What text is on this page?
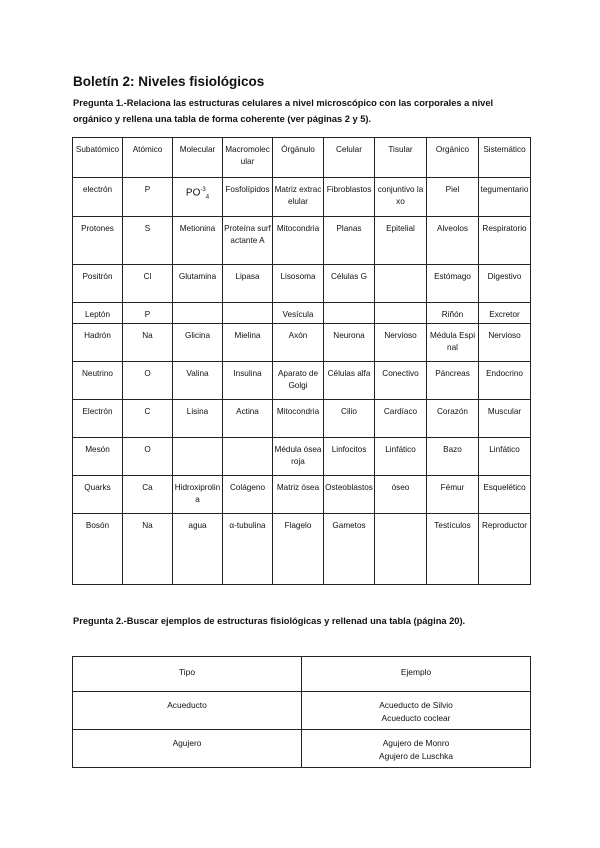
Boletín 2: Niveles fisiológicos

Pregunta 1.-Relaciona las estructuras celulares a nivel microscópico con las corporales a nivel orgánico y rellena una tabla de forma coherente (ver páginas 2 y 5).

Subatómico	Atómico	Molecular	Macromolecular	Órgánulo	Celular	Tisular	Orgánico	Sistemático
electrón	P	$PO^{-3}_4$	Fosfolípidos	Matriz extracelular	Fibroblastos	conjuntivo laxo	Piel	tegumentario
Protones	S	Metionina	Proteína surfactante A	Mitocondria	Planas	Epitelial	Alveolos	Respiratorio
Positrón	Cl	Glutamina	Lipasa	Lisosoma	Células G		Estómago	Digestivo
Leptón	P			Vesícula			Riñón	Excretor
Hadrón	Na	Glicina	Mielina	Axón	Neurona	Nervioso	Médula Espinal	Nervioso
Neutrino	O	Valina	Insulina	Aparato de Golgi	Células alfa	Conectivo	Páncreas	Endocrino
Electrón	C	Lisina	Actina	Mitocondria	Cilio	Cardíaco	Corazón	Muscular
Mesón	O			Médula ósea roja	Linfocitos	Linfático	Bazo	Linfático
Quarks	Ca	Hidroxiprolina	Colágeno	Matriz ósea	Osteoblastos	óseo	Fémur	Esquelético
Bosón	Na	agua	α-tubulina	Flagelo	Gametos		Testículos	Reproductor

Pregunta 2.-Buscar ejemplos de estructuras fisiológicas y rellenad una tabla (página 20).

Tipo	Ejemplo
Acueducto	Acueducto de Silvio
Acueducto coclear

Agujero	Agujero de Monro
Agujero de Luschka
